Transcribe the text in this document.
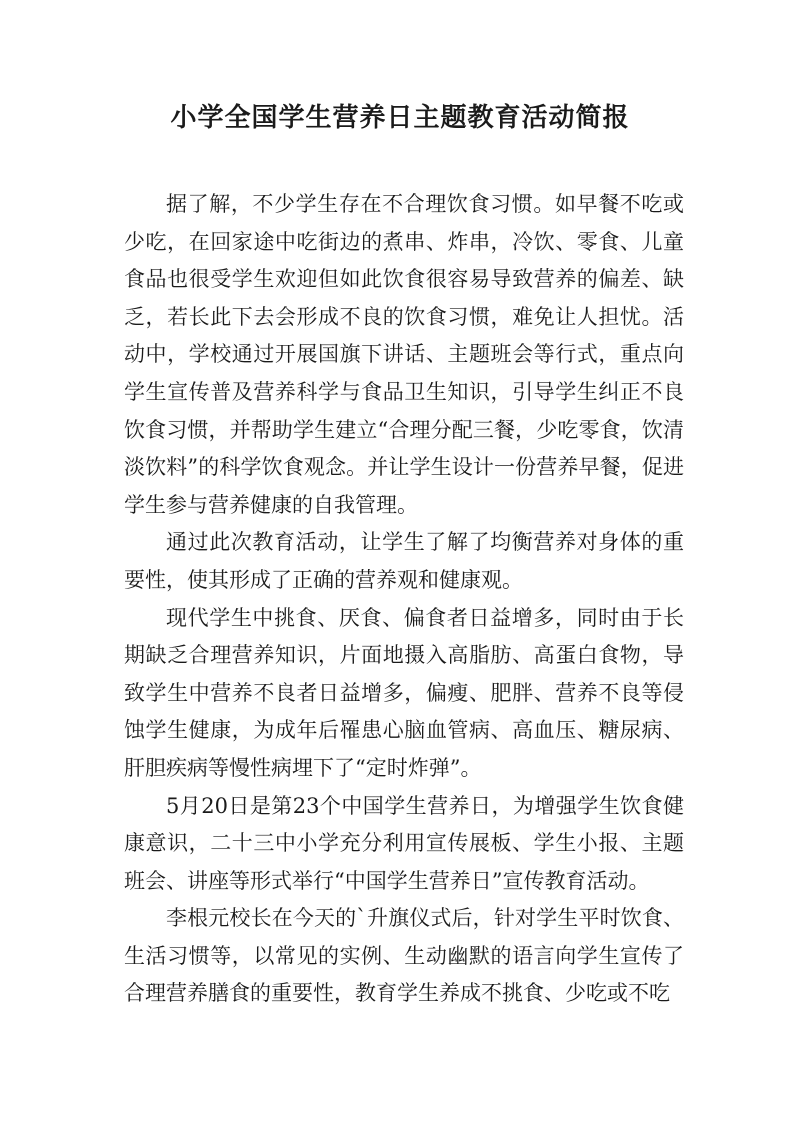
小学全国学生营养日主题教育活动简报

据了解，不少学生存在不合理饮食习惯。如早餐不吃或少吃，在回家途中吃街边的煮串、炸串，冷饮、零食、儿童食品也很受学生欢迎但如此饮食很容易导致营养的偏差、缺乏，若长此下去会形成不良的饮食习惯，难免让人担忧。活动中，学校通过开展国旗下讲话、主题班会等行式，重点向学生宣传普及营养科学与食品卫生知识，引导学生纠正不良饮食习惯，并帮助学生建立“合理分配三餐，少吃零食，饮清淡饮料”的科学饮食观念。并让学生设计一份营养早餐，促进学生参与营养健康的自我管理。

通过此次教育活动，让学生了解了均衡营养对身体的重要性，使其形成了正确的营养观和健康观。

现代学生中挑食、厌食、偏食者日益增多，同时由于长期缺乏合理营养知识，片面地摄入高脂肪、高蛋白食物，导致学生中营养不良者日益增多，偏瘦、肥胖、营养不良等侵蚀学生健康，为成年后罹患心脑血管病、高血压、糖尿病、肝胆疾病等慢性病埋下了“定时炸弹”。

5月20日是第23个中国学生营养日，为增强学生饮食健康意识，二十三中小学充分利用宣传展板、学生小报、主题班会、讲座等形式举行“中国学生营养日”宣传教育活动。

李根元校长在今天的`升旗仪式后，针对学生平时饮食、生活习惯等，以常见的实例、生动幽默的语言向学生宣传了合理营养膳食的重要性，教育学生养成不挑食、少吃或不吃
